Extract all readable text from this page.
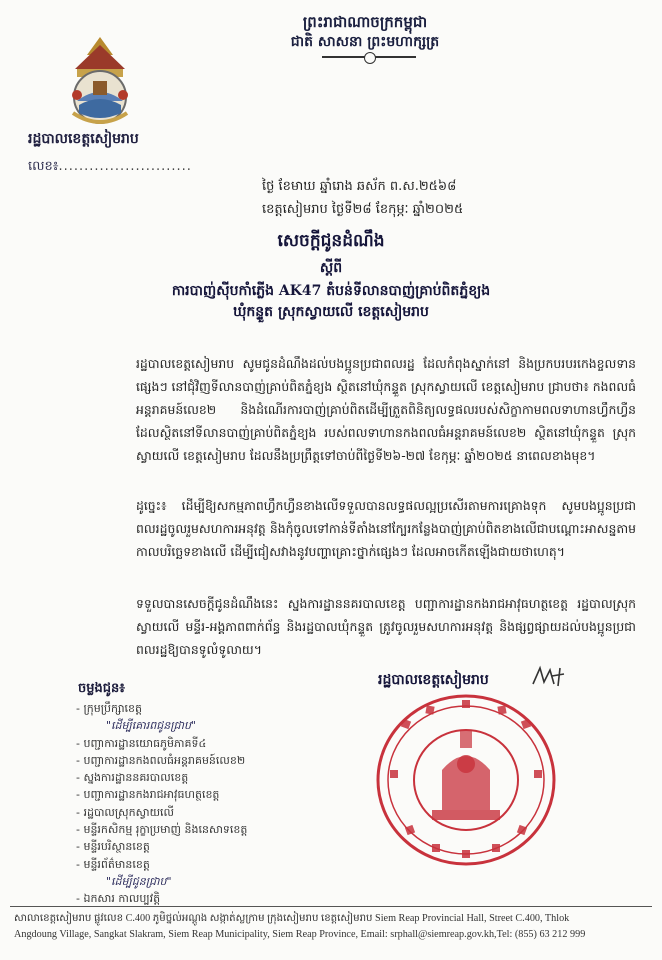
ព្រះរាជាណាចក្រកម្ពុជា
ជាតិ សាសនា ព្រះមហាក្សត្រ
រដ្ឋបាលខេត្តសៀមរាប
លេខ៖..........................
ថ្ងៃ ខែមាឃ ឆ្នាំរោង ឆស័ក ព.ស.២៥៦៨
ខេត្តសៀមរាប ថ្ងៃទី២៨ ខែកុម្ភៈ ឆ្នាំ២០២៥
សេចក្តីជូនដំណឹង
ស្តីពី
ការបាញ់ស៊ីបកាំភ្លើង AK47 តំបន់ទីលានបាញ់គ្រាប់ពិតភ្នំខ្យង
ឃុំកន្ទួត ស្រុកស្វាយលើ ខេត្តសៀមរាប
រដ្ឋបាលខេត្តសៀមរាប សូមជូនដំណឹងដល់បងប្អូនប្រជាពលរដ្ឋ ដែលកំពុងស្នាក់នៅ និងប្រកបរបរកេងខ្ចលទានផ្សេងៗ នៅជុំវិញទីលានបាញ់គ្រាប់ពិតភ្នំខ្យង ស្ថិតនៅឃុំកន្ទួត ស្រុកស្វាយលើ ខេត្តសៀមរាប ជ្រាបថា៖ កងពលធំអន្តរាគមន៍លេខ២ និងដំណើរការបាញ់គ្រាប់ពិតដើម្បីត្រួតពិនិត្យលទ្ធផលរបស់សិក្ខាកាមពលទាហានហ្វឹកហ្វឺន ដែលស្ថិតនៅទីលានបាញ់គ្រាប់ពិតភ្នំខ្យង របស់ពលទាហានកងពលធំអន្តរាគមន៍លេខ២ ស្ថិតនៅឃុំកន្ទួត ស្រុកស្វាយលើ ខេត្តសៀមរាប ដែលនឹងប្រព្រឹត្តទៅចាប់ពីថ្ងៃទី២៦-២៧ ខែកុម្ភៈ ឆ្នាំ២០២៥ នាពេលខាងមុខ។
ដូច្នេះ៖ ដើម្បីឱ្យសកម្មភាពហ្វឹកហ្វឺនខាងលើទទួលបានលទ្ធផលល្អប្រសើរតាមការគ្រោងទុក សូមបងប្អូនប្រជាពលរដ្ឋចូលរួមសហការអនុវត្ត និងកុំចូលទៅកាន់ទីតាំងនៅក្បែរកន្លែងបាញ់គ្រាប់ពិតខាងលើជាបណ្តោះអាសន្នតាមកាលបរិច្ឆេទខាងលើ ដើម្បីជៀសវាងនូវបញ្ហាគ្រោះថ្នាក់ផ្សេងៗ ដែលអាចកើតឡើងជាយថាហេតុ។
ទទួលបានសេចក្តីជូនដំណឹងនេះ ស្នងការដ្ឋាននគរបាលខេត្ត បញ្ជាការដ្ឋានកងរាជអាវុធហត្ថខេត្ត រដ្ឋបាលស្រុកស្វាយលើ មន្ទីរ-អង្គភាពពាក់ព័ន្ធ និងរដ្ឋបាលឃុំកន្ទួត ត្រូវចូលរួមសហការអនុវត្ត និងផ្សព្វផ្សាយដល់បងប្អូនប្រជាពលរដ្ឋឱ្យបានទូលំទូលាយ។
ចម្លងជូន៖
- ក្រុមប្រឹក្សាខេត្ត
"ដើម្បីគោរពជូនជ្រាប"
- បញ្ជាការដ្ឋានយោធភូមិភាគទី៤
- បញ្ជាការដ្ឋានកងពលធំអន្តរាគមន៍លេខ២
- ស្នងការដ្ឋាននគរបាលខេត្ត
- បញ្ជាការដ្ឋានកងរាជអាវុធហត្ថខេត្ត
- រដ្ឋបាលស្រុកស្វាយលើ
- មន្ទីរកសិកម្ម រុក្ខាប្រមាញ់ និងនេសាទខេត្ត
- មន្ទីរបរិស្ថានខេត្ត
- មន្ទីរព័ត៌មានខេត្ត
"ដើម្បីជូនជ្រាប"
- ឯកសារ កាលប្បវត្តិ
រដ្ឋបាលខេត្តសៀមរាប
សាលាខេត្តសៀមរាប ផ្លូវលេខ C.400 ភូមិថ្នល់អណ្តូង សង្កាត់ស្លក្រាម ក្រុងសៀមរាប ខេត្តសៀមរាប Siem Reap Provincial Hall, Street C.400, Thlok
Angdoung Village, Sangkat Slakram, Siem Reap Municipality, Siem Reap Province, Email: srphall@siemreap.gov.kh,Tel: (855) 63 212 999
